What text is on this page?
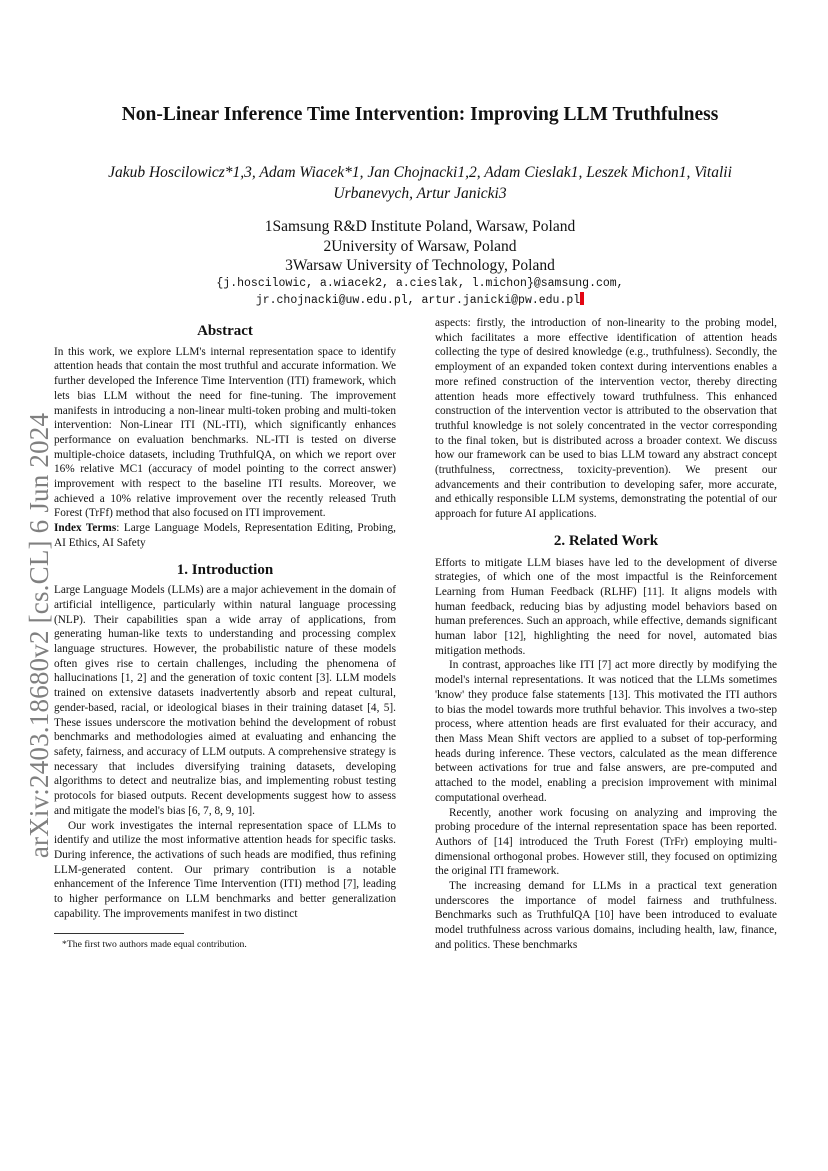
arXiv:2403.18680v2 [cs.CL] 6 Jun 2024
Non-Linear Inference Time Intervention: Improving LLM Truthfulness
Jakub Hoscilowicz*1,3, Adam Wiacek*1, Jan Chojnacki1,2, Adam Cieslak1, Leszek Michon1, Vitalii
Urbanevych, Artur Janicki3
1Samsung R&D Institute Poland, Warsaw, Poland
2University of Warsaw, Poland
3Warsaw University of Technology, Poland
{j.hoscilowic, a.wiacek2, a.cieslak, l.michon}@samsung.com,
jr.chojnacki@uw.edu.pl, artur.janicki@pw.edu.pl
Abstract

In this work, we explore LLM's internal representation space to identify attention heads that contain the most truthful and accurate information. We further developed the Inference Time Intervention (ITI) framework, which lets bias LLM without the need for fine-tuning. The improvement manifests in introducing a non-linear multi-token probing and multi-token intervention: Non-Linear ITI (NL-ITI), which significantly enhances performance on evaluation benchmarks. NL-ITI is tested on diverse multiple-choice datasets, including TruthfulQA, on which we report over 16% relative MC1 (accuracy of model pointing to the correct answer) improvement with respect to the baseline ITI results. Moreover, we achieved a 10% relative improvement over the recently released Truth Forest (TrFf) method that also focused on ITI improvement.

Index Terms: Large Language Models, Representation Editing, Probing, AI Ethics, AI Safety

1. Introduction

Large Language Models (LLMs) are a major achievement in the domain of artificial intelligence, particularly within natural language processing (NLP). Their capabilities span a wide array of applications, from generating human-like texts to understanding and processing complex language structures. However, the probabilistic nature of these models often gives rise to certain challenges, including the phenomena of hallucinations [1, 2] and the generation of toxic content [3]. LLM models trained on extensive datasets inadvertently absorb and repeat cultural, gender-based, racial, or ideological biases in their training dataset [4, 5]. These issues underscore the motivation behind the development of robust benchmarks and methodologies aimed at evaluating and enhancing the safety, fairness, and accuracy of LLM outputs. A comprehensive strategy is necessary that includes diversifying training datasets, developing algorithms to detect and neutralize bias, and implementing robust testing protocols for biased outputs. Recent developments suggest how to assess and mitigate the model's bias [6, 7, 8, 9, 10].

Our work investigates the internal representation space of LLMs to identify and utilize the most informative attention heads for specific tasks. During inference, the activations of such heads are modified, thus refining LLM-generated content. Our primary contribution is a notable enhancement of the Inference Time Intervention (ITI) method [7], leading to higher performance on LLM benchmarks and better generalization capability. The improvements manifest in two distinct

*The first two authors made equal contribution.

aspects: firstly, the introduction of non-linearity to the probing model, which facilitates a more effective identification of attention heads collecting the type of desired knowledge (e.g., truthfulness). Secondly, the employment of an expanded token context during interventions enables a more refined construction of the intervention vector, thereby directing attention heads more effectively toward truthfulness. This enhanced construction of the intervention vector is attributed to the observation that truthful knowledge is not solely concentrated in the vector corresponding to the final token, but is distributed across a broader context. We discuss how our framework can be used to bias LLM toward any abstract concept (truthfulness, correctness, toxicity-prevention). We present our advancements and their contribution to developing safer, more accurate, and ethically responsible LLM systems, demonstrating the potential of our approach for future AI applications.

2. Related Work

Efforts to mitigate LLM biases have led to the development of diverse strategies, of which one of the most impactful is the Reinforcement Learning from Human Feedback (RLHF) [11]. It aligns models with human feedback, reducing bias by adjusting model behaviors based on human preferences. Such an approach, while effective, demands significant human labor [12], highlighting the need for novel, automated bias mitigation methods.

In contrast, approaches like ITI [7] act more directly by modifying the model's internal representations. It was noticed that the LLMs sometimes 'know' they produce false statements [13]. This motivated the ITI authors to bias the model towards more truthful behavior. This involves a two-step process, where attention heads are first evaluated for their accuracy, and then Mass Mean Shift vectors are applied to a subset of top-performing heads during inference. These vectors, calculated as the mean difference between activations for true and false answers, are pre-computed and attached to the model, enabling a precision improvement with minimal computational overhead.

Recently, another work focusing on analyzing and improving the probing procedure of the internal representation space has been reported. Authors of [14] introduced the Truth Forest (TrFr) employing multi-dimensional orthogonal probes. However still, they focused on optimizing the original ITI framework.

The increasing demand for LLMs in a practical text generation underscores the importance of model fairness and truthfulness. Benchmarks such as TruthfulQA [10] have been introduced to evaluate model truthfulness across various domains, including health, law, finance, and politics. These benchmarks
